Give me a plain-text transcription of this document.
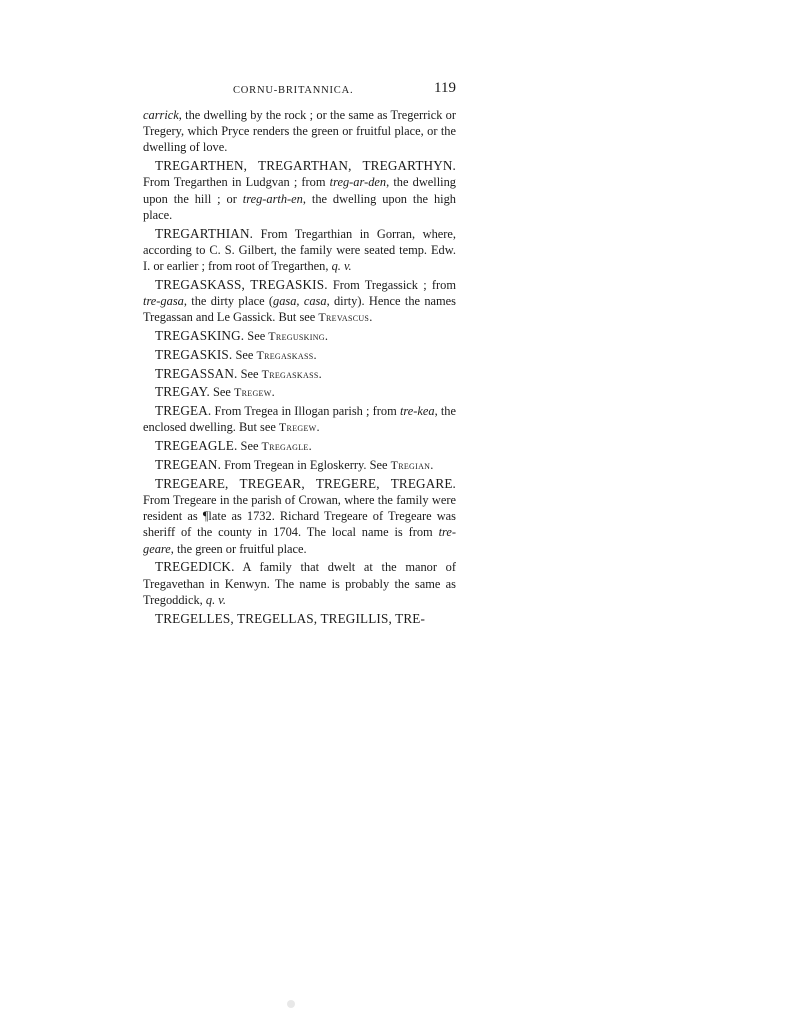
CORNU-BRITANNICA.	119

carrick, the dwelling by the rock ; or the same as Tregerrick or Tregery, which Pryce renders the green or fruitful place, or the dwelling of love.

TREGARTHEN, TREGARTHAN, TREGARTHYN. From Tregarthen in Ludgvan ; from treg-ar-den, the dwelling upon the hill ; or treg-arth-en, the dwelling upon the high place.

TREGARTHIAN. From Tregarthian in Gorran, where, according to C. S. Gilbert, the family were seated temp. Edw. I. or earlier ; from root of Tregarthen, q. v.

TREGASKASS, TREGASKIS. From Tregassick ; from tre-gasa, the dirty place (gasa, casa, dirty). Hence the names Tregassan and Le Gassick. But see Trevascus.

TREGASKING. See Tregusking.

TREGASKIS. See Tregaskass.

TREGASSAN. See Tregaskass.

TREGAY. See Tregew.

TREGEA. From Tregea in Illogan parish ; from tre-kea, the enclosed dwelling. But see Tregew.

TREGEAGLE. See Tregagle.

TREGEAN. From Tregean in Egloskerry. See Tregian.

TREGEARE, TREGEAR, TREGERE, TREGARE. From Tregeare in the parish of Crowan, where the family were resident as ¶late as 1732. Richard Tregeare of Tregeare was sheriff of the county in 1704. The local name is from tre-geare, the green or fruitful place.

TREGEDICK. A family that dwelt at the manor of Tregavethan in Kenwyn. The name is probably the same as Tregoddick, q. v.

TREGELLES, TREGELLAS, TREGILLIS, TRE-
